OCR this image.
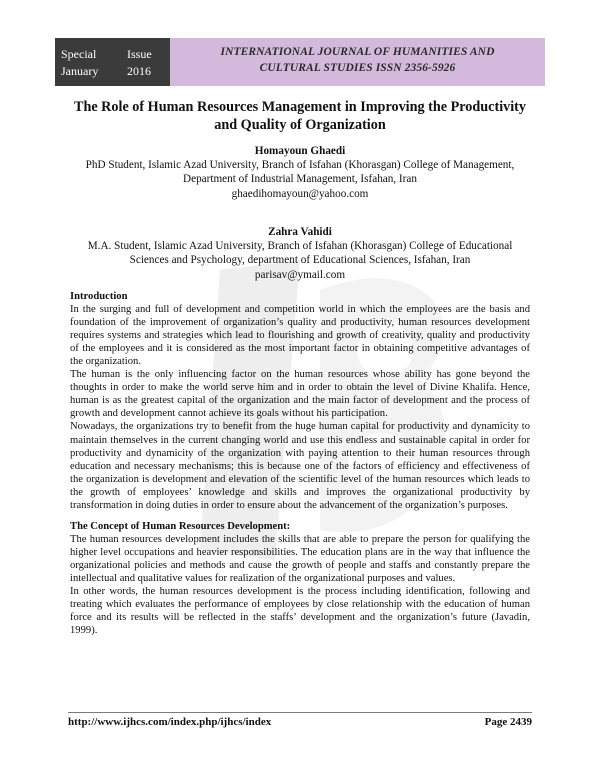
Special	Issue
January 2016
INTERNATIONAL JOURNAL OF HUMANITIES AND
CULTURAL STUDIES ISSN 2356-5926
The Role of Human Resources Management in Improving the Productivity
and Quality of Organization
Homayoun Ghaedi
PhD Student, Islamic Azad University, Branch of Isfahan (Khorasgan) College of Management,
Department of Industrial Management, Isfahan, Iran
ghaedihomayoun@yahoo.com
Zahra Vahidi
M.A. Student, Islamic Azad University, Branch of Isfahan (Khorasgan) College of Educational
Sciences and Psychology, department of Educational Sciences, Isfahan, Iran
parisav@ymail.com

Introduction

In the surging and full of development and competition world in which the employees are the basis and foundation of the improvement of organization’s quality and productivity, human resources development requires systems and strategies which lead to flourishing and growth of creativity, quality and productivity of the employees and it is considered as the most important factor in obtaining competitive advantages of the organization.

The human is the only influencing factor on the human resources whose ability has gone beyond the thoughts in order to make the world serve him and in order to obtain the level of Divine Khalifa. Hence, human is as the greatest capital of the organization and the main factor of development and the process of growth and development cannot achieve its goals without his participation.

Nowadays, the organizations try to benefit from the huge human capital for productivity and dynamicity to maintain themselves in the current changing world and use this endless and sustainable capital in order for productivity and dynamicity of the organization with paying attention to their human resources through education and necessary mechanisms; this is because one of the factors of efficiency and effectiveness of the organization is development and elevation of the scientific level of the human resources which leads to the growth of employees’ knowledge and skills and improves the organizational productivity by transformation in doing duties in order to ensure about the advancement of the organization’s purposes.

The Concept of Human Resources Development:

The human resources development includes the skills that are able to prepare the person for qualifying the higher level occupations and heavier responsibilities. The education plans are in the way that influence the organizational policies and methods and cause the growth of people and staffs and constantly prepare the intellectual and qualitative values for realization of the organizational purposes and values.

In other words, the human resources development is the process including identification, following and treating which evaluates the performance of employees by close relationship with the education of human force and its results will be reflected in the staffs’ development and the organization’s future (Javadin, 1999).

http://www.ijhcs.com/index.php/ijhcs/index	Page 2439
